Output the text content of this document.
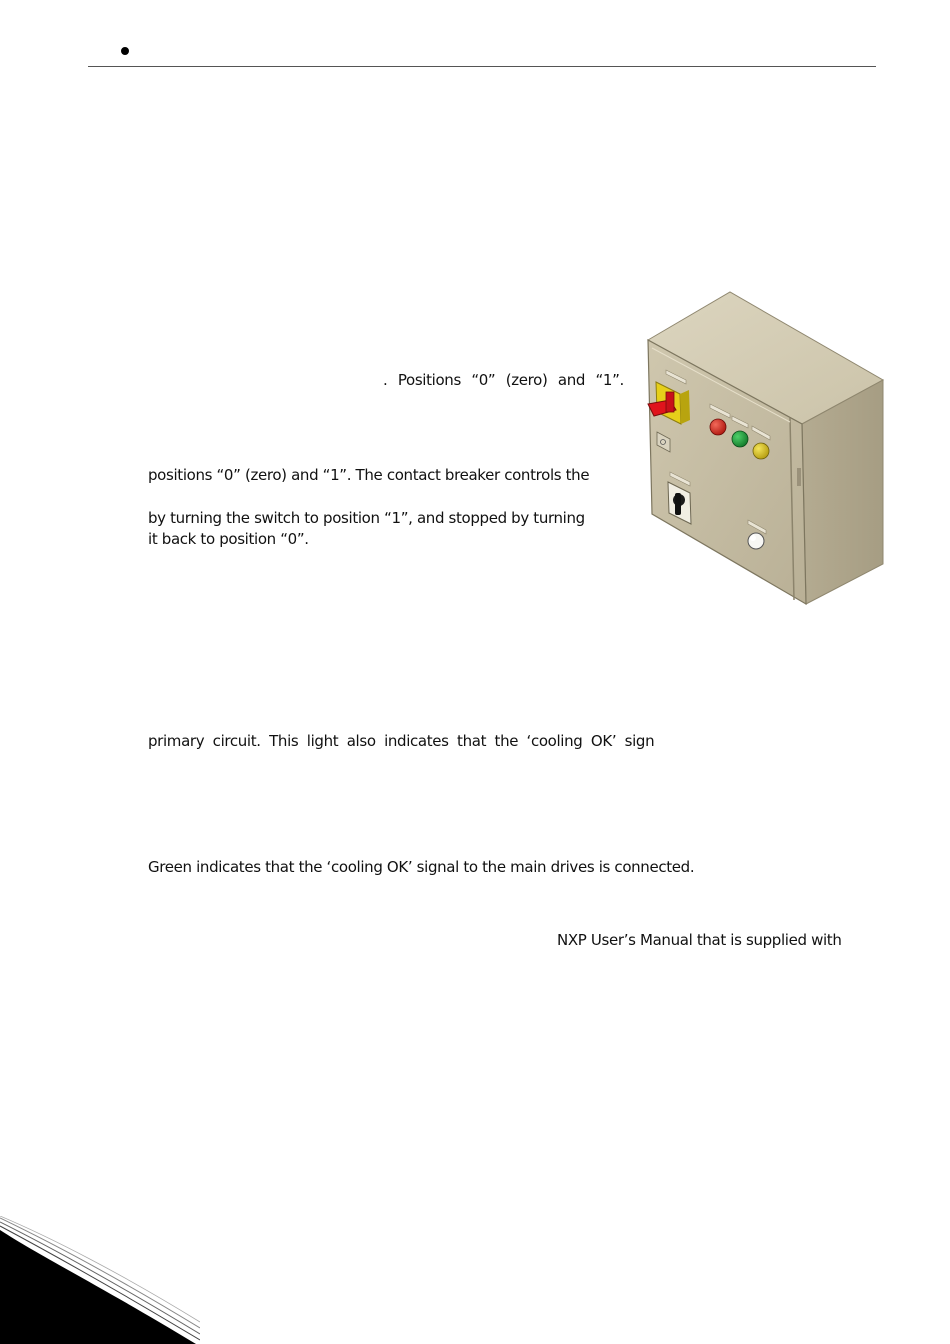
. Positions “0” (zero) and “1”.
positions “0” (zero) and “1”. The contact breaker controls the
by turning the switch to position “1”, and stopped by turning
it back to position “0”.
primary circuit. This light also indicates that the ‘cooling OK’ sign
Green indicates that the ‘cooling OK’ signal to the main drives is connected.
NXP User’s Manual that is supplied with
